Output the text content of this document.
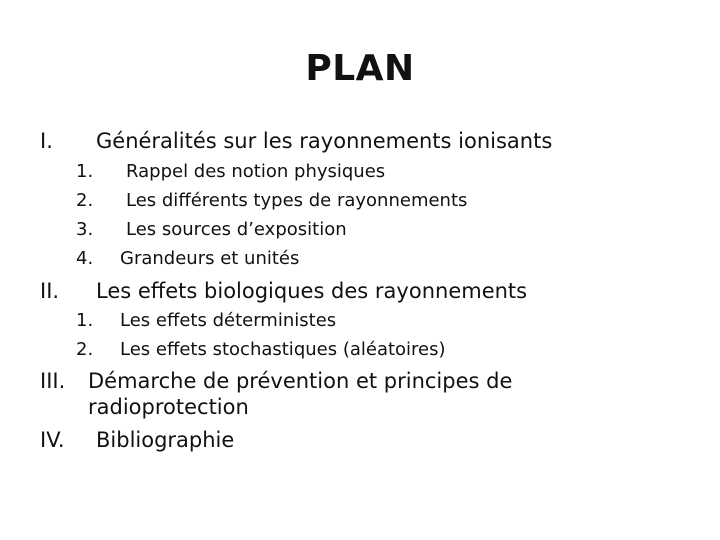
PLAN
I. Généralités sur les rayonnements ionisants
1. Rappel des notion physiques
2. Les différents types de rayonnements
3. Les sources d’exposition
4. Grandeurs et unités
II. Les effets biologiques des rayonnements
1. Les effets déterministes
2. Les effets stochastiques (aléatoires)
III. Démarche de prévention et principes de
radioprotection
IV. Bibliographie
